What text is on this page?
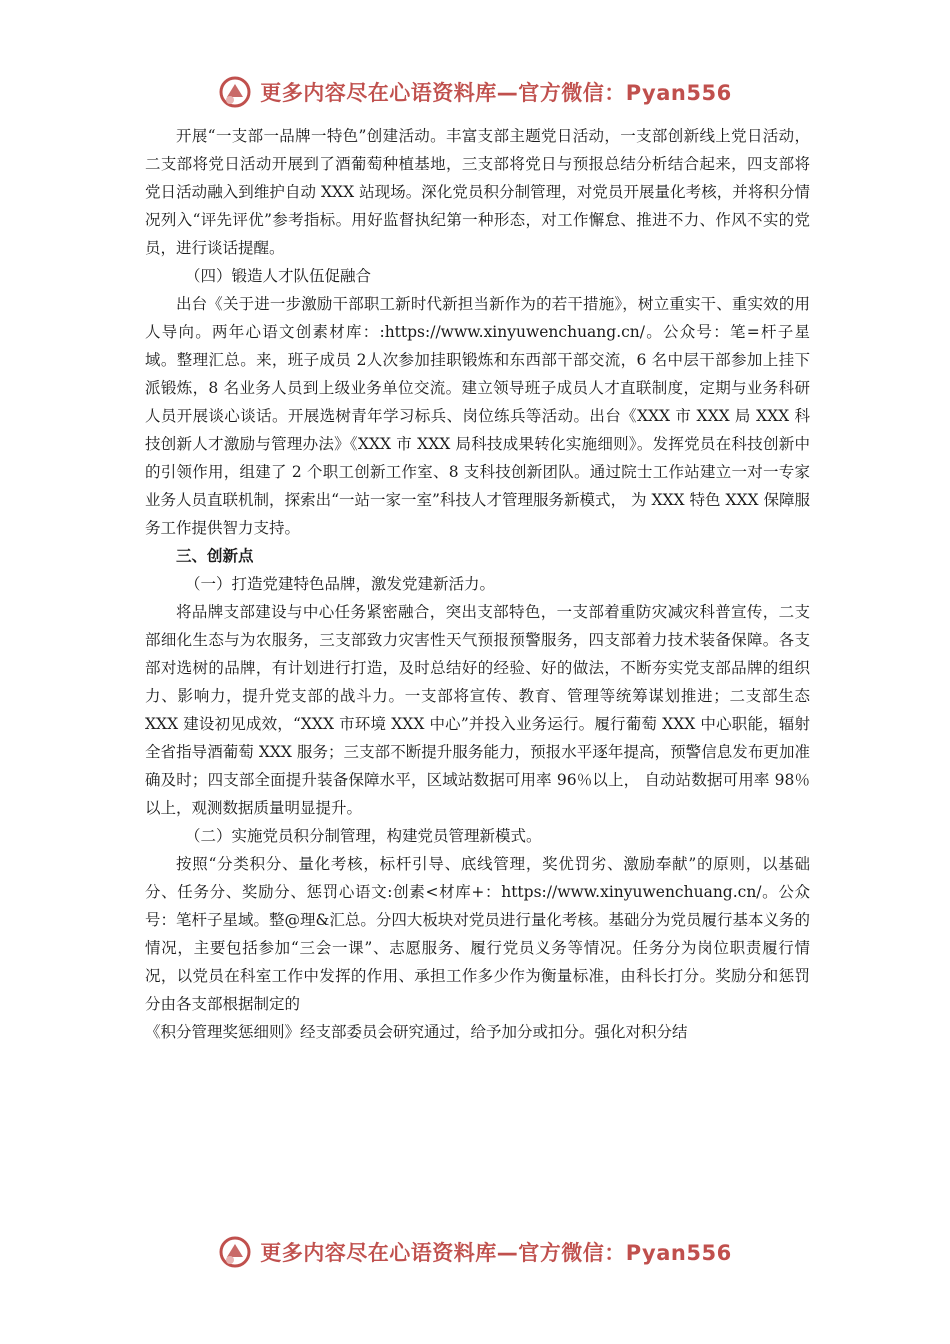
更多内容尽在心语资料库—官方微信：Pyan556

开展“一支部一品牌一特色”创建活动。丰富支部主题党日活动，一支部创新线上党日活动，二支部将党日活动开展到了酒葡萄种植基地，三支部将党日与预报总结分析结合起来，四支部将党日活动融入到维护自动 XXX 站现场。深化党员积分制管理，对党员开展量化考核，并将积分情况列入“评先评优”参考指标。用好监督执纪第一种形态，对工作懈怠、推进不力、作风不实的党员，进行谈话提醒。

（四）锻造人才队伍促融合

出台《关于进一步激励干部职工新时代新担当新作为的若干措施》，树立重实干、重实效的用人导向。两年心语文创素材库：:https://www.xinyuwenchuang.cn/。公众号：笔=杆子星域。整理汇总。来，班子成员 2人次参加挂职锻炼和东西部干部交流，6 名中层干部参加上挂下派锻炼，8 名业务人员到上级业务单位交流。建立领导班子成员人才直联制度，定期与业务科研人员开展谈心谈话。开展选树青年学习标兵、岗位练兵等活动。出台《XXX 市 XXX 局 XXX 科技创新人才激励与管理办法》《XXX 市 XXX 局科技成果转化实施细则》。发挥党员在科技创新中的引领作用，组建了 2 个职工创新工作室、8 支科技创新团队。通过院士工作站建立一对一专家业务人员直联机制，探索出“一站一家一室”科技人才管理服务新模式， 为 XXX 特色 XXX 保障服务工作提供智力支持。

三、创新点

（一）打造党建特色品牌，激发党建新活力。

将品牌支部建设与中心任务紧密融合，突出支部特色，一支部着重防灾减灾科普宣传，二支部细化生态与为农服务，三支部致力灾害性天气预报预警服务，四支部着力技术装备保障。各支部对选树的品牌，有计划进行打造，及时总结好的经验、好的做法，不断夯实党支部品牌的组织力、影响力，提升党支部的战斗力。一支部将宣传、教育、管理等统筹谋划推进；二支部生态 XXX 建设初见成效，“XXX 市环境 XXX 中心”并投入业务运行。履行葡萄 XXX 中心职能，辐射全省指导酒葡萄 XXX 服务；三支部不断提升服务能力，预报水平逐年提高，预警信息发布更加准确及时；四支部全面提升装备保障水平，区域站数据可用率 96％以上， 自动站数据可用率 98％以上，观测数据质量明显提升。

（二）实施党员积分制管理，构建党员管理新模式。

按照“分类积分、量化考核，标杆引导、底线管理，奖优罚劣、激励奉献”的原则，以基础分、任务分、奖励分、惩罚心语文:创素<材库+：https://www.xinyuwenchuang.cn/。公众号：笔杆子星域。整@理&汇总。分四大板块对党员进行量化考核。基础分为党员履行基本义务的情况，主要包括参加“三会一课”、志愿服务、履行党员义务等情况。任务分为岗位职责履行情况，以党员在科室工作中发挥的作用、承担工作多少作为衡量标准，由科长打分。奖励分和惩罚分由各支部根据制定的

《积分管理奖惩细则》经支部委员会研究通过，给予加分或扣分。强化对积分结

更多内容尽在心语资料库—官方微信：Pyan556
